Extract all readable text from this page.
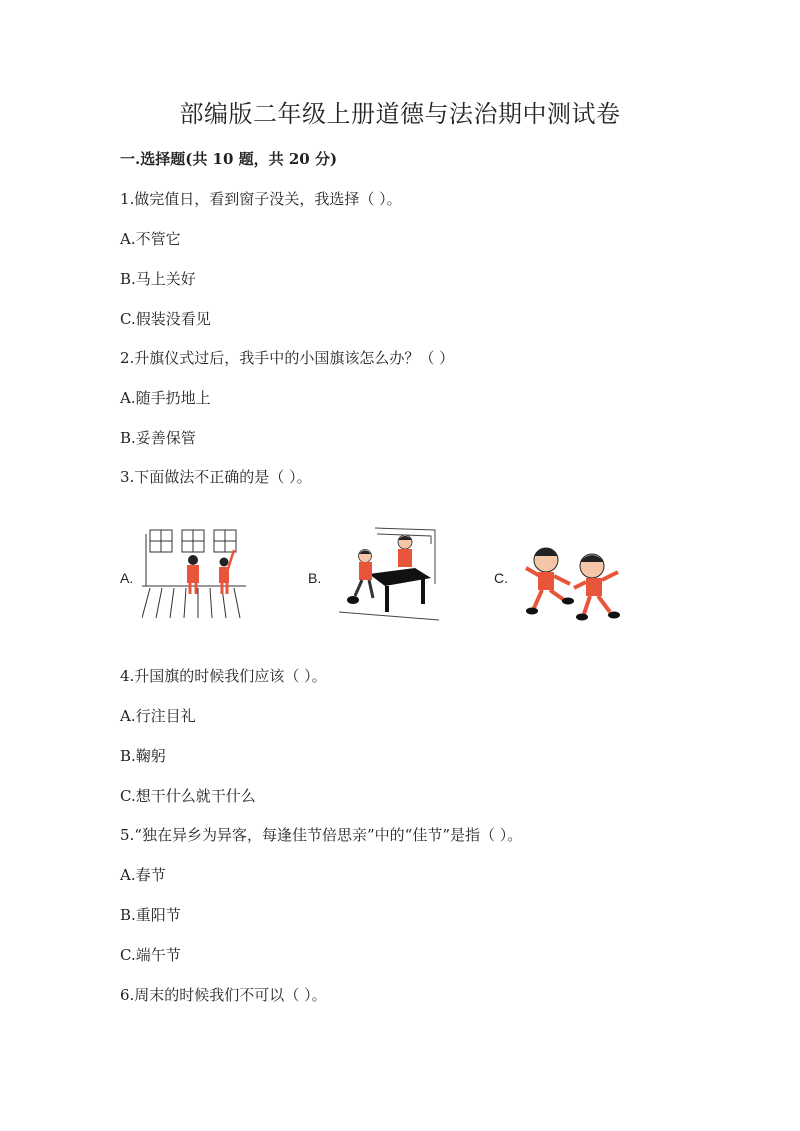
部编版二年级上册道德与法治期中测试卷
一.选择题(共 10 题，共 20 分)
1.做完值日，看到窗子没关，我选择（ ）。
A.不管它
B.马上关好
C.假装没看见
2.升旗仪式过后，我手中的小国旗该怎么办？（ ）
A.随手扔地上
B.妥善保管
3.下面做法不正确的是（ ）。
A.	B.	C.
4.升国旗的时候我们应该（ ）。
A.行注目礼
B.鞠躬
C.想干什么就干什么
5.“独在异乡为异客，每逢佳节倍思亲”中的“佳节”是指（ ）。
A.春节
B.重阳节
C.端午节
6.周末的时候我们不可以（ ）。
